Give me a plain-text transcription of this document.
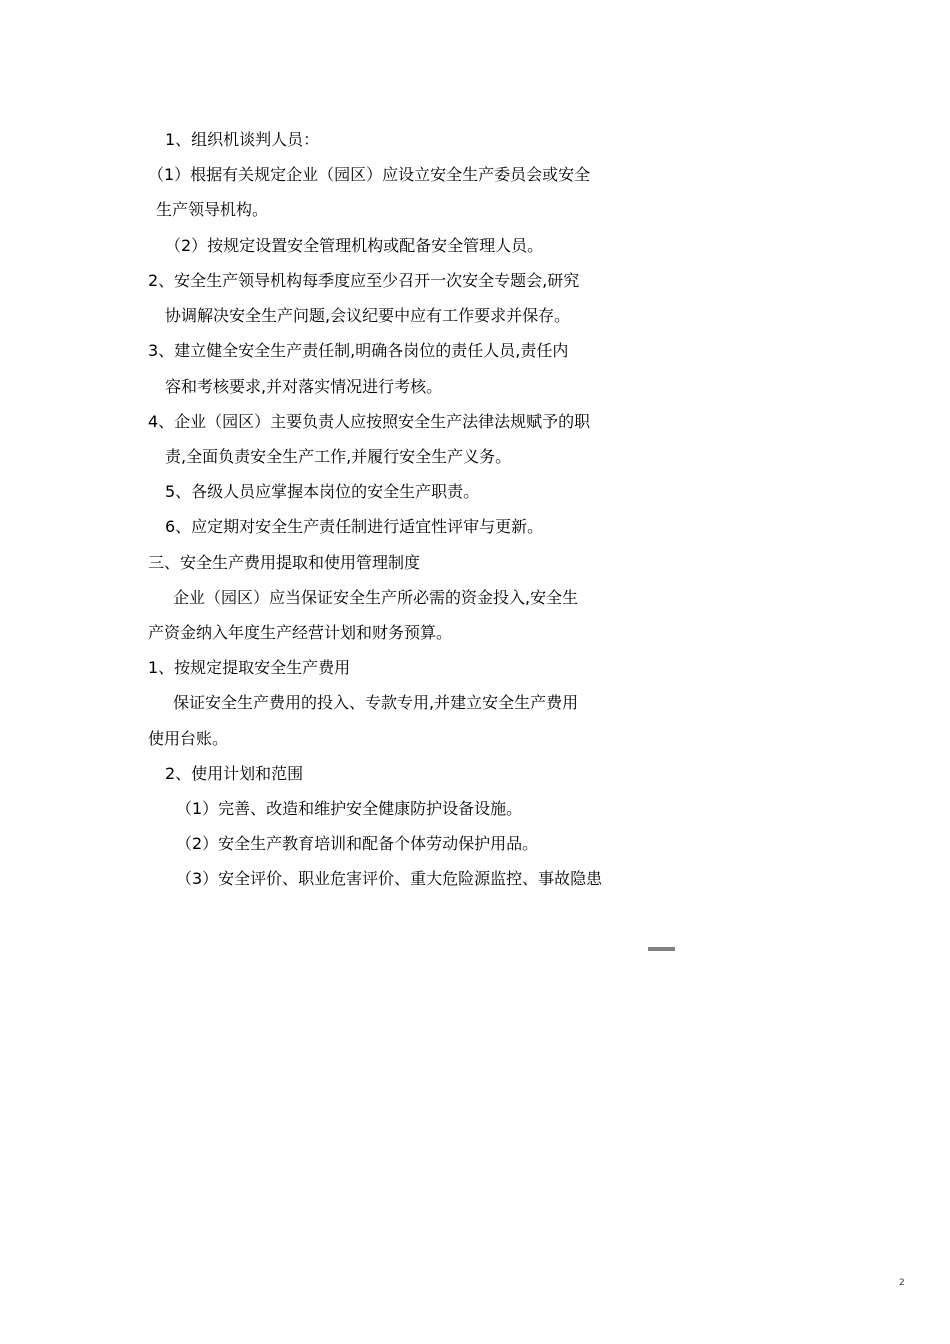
1、组织机谈判人员：
（1）根据有关规定企业（园区）应设立安全生产委员会或安全
生产领导机构。
（2）按规定设置安全管理机构或配备安全管理人员。
2、安全生产领导机构每季度应至少召开一次安全专题会,研究
协调解决安全生产问题,会议纪要中应有工作要求并保存。
3、建立健全安全生产责任制,明确各岗位的责任人员,责任内
容和考核要求,并对落实情况进行考核。
4、企业（园区）主要负责人应按照安全生产法律法规赋予的职
责,全面负责安全生产工作,并履行安全生产义务。
5、各级人员应掌握本岗位的安全生产职责。
6、应定期对安全生产责任制进行适宜性评审与更新。
三、安全生产费用提取和使用管理制度
企业（园区）应当保证安全生产所必需的资金投入,安全生
产资金纳入年度生产经营计划和财务预算。
1、按规定提取安全生产费用
保证安全生产费用的投入、专款专用,并建立安全生产费用
使用台账。
2、使用计划和范围
（1）完善、改造和维护安全健康防护设备设施。
（2）安全生产教育培训和配备个体劳动保护用品。
（3）安全评价、职业危害评价、重大危险源监控、事故隐患
2
